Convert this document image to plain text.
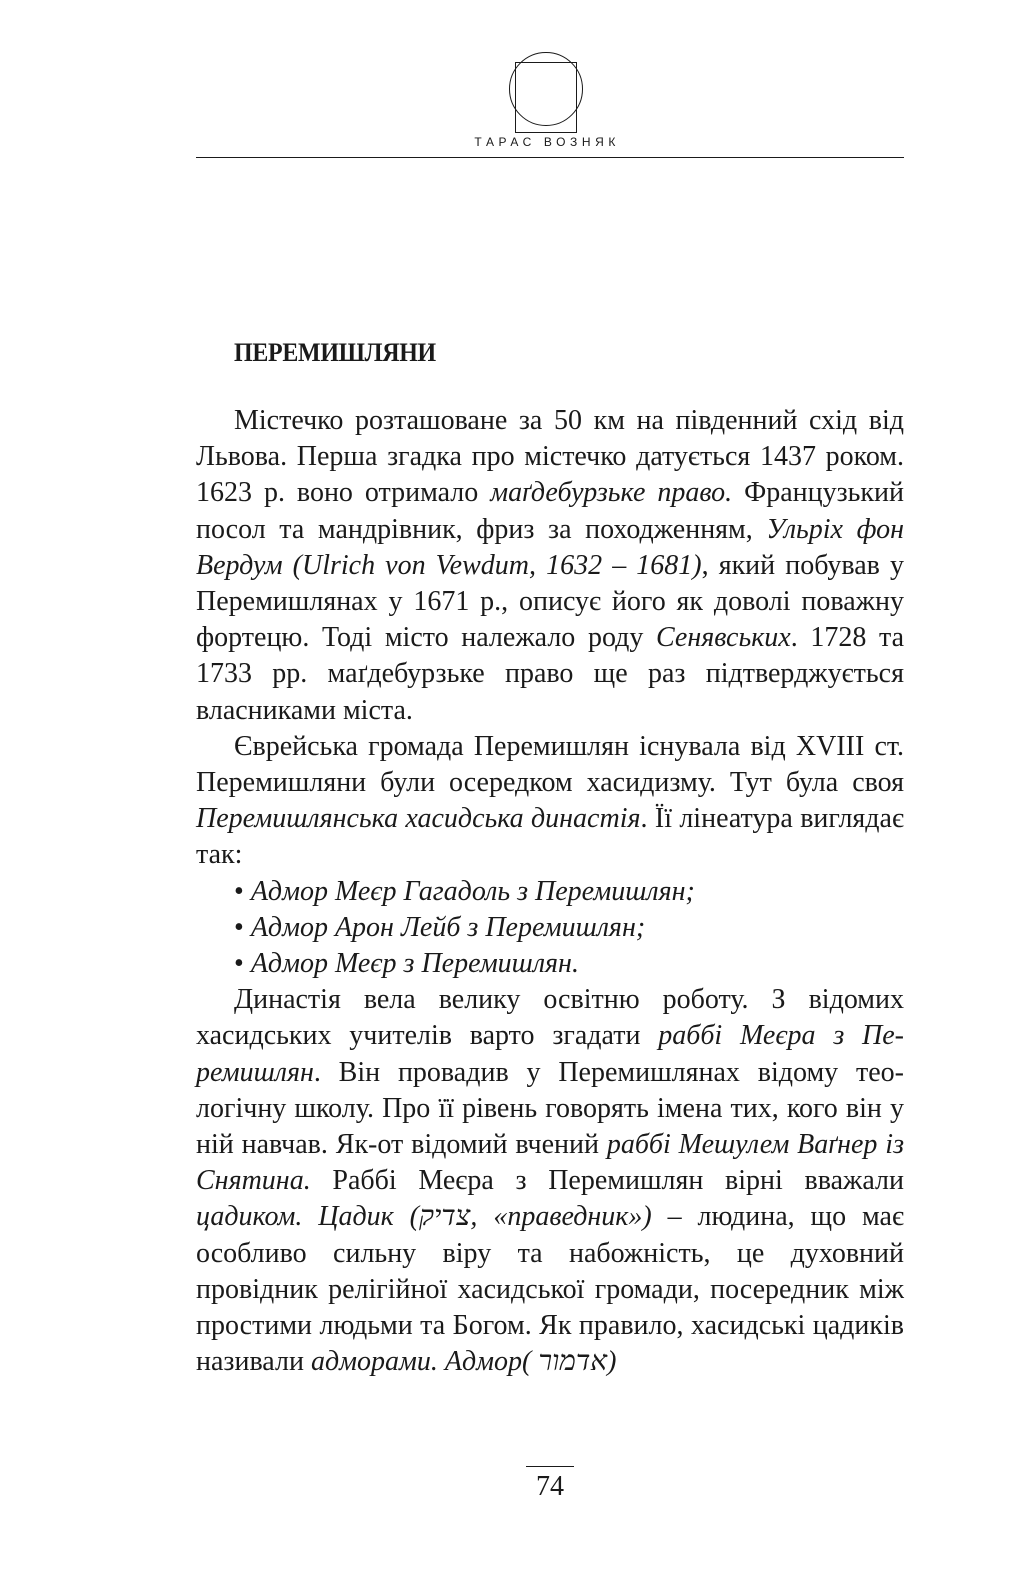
ТАРАС ВОЗНЯК
ПЕРЕМИШЛЯНИ

Містечко розташоване за 50 км на південний схід від Львова. Перша згадка про містечко датується 1437 роком. 1623 р. воно отримало маґдебурзьке право. Французький посол та мандрівник, фриз за походженням, Ульріх фон Вердум (Ulrich von Vewdum, 1632 – 1681), який побував у Перемишлянах у 1671 р., описує його як доволі поважну фортецю. Тоді місто належало роду Сенявських. 1728 та 1733 рр. маґдебурзьке право ще раз підтверджується власниками міста.

Єврейська громада Перемишлян існувала від XVIII ст. Перемишляни були осередком хасидизму. Тут була своя Перемишлянська хасидська династія. Її лінеатура виглядає так:

• Адмор Меєр Гагадоль з Перемишлян;

• Адмор Арон Лейб з Перемишлян;

• Адмор Меєр з Перемишлян.

Династія вела велику освітню роботу. З відомих хасидських учителів варто згадати раббі Меєра з Перемишлян. Він провадив у Перемишлянах відому теологічну школу. Про її рівень говорять імена тих, кого він у ній навчав. Як-от відомий вчений раббі Мешулем Ваґнер із Снятина. Раббі Меєра з Перемишлян вірні вважали цадиком. Цадик (צדיק, «праведник») – людина, що має особливо сильну віру та набожність, це духовний провідник релігійної хасидської громади, посередник між простими людьми та Богом. Як правило, хасидські цадиків називали адморами. Адмор( אדמור)

74
